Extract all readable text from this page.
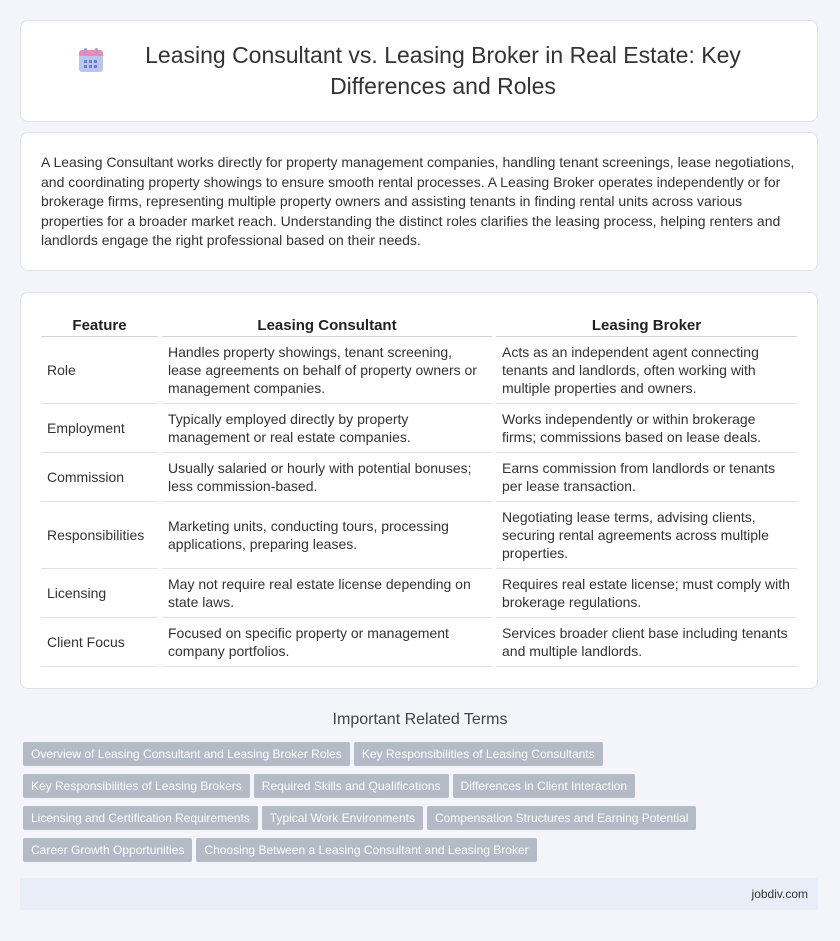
Leasing Consultant vs. Leasing Broker in Real Estate: Key Differences and Roles

A Leasing Consultant works directly for property management companies, handling tenant screenings, lease negotiations, and coordinating property showings to ensure smooth rental processes. A Leasing Broker operates independently or for brokerage firms, representing multiple property owners and assisting tenants in finding rental units across various properties for a broader market reach. Understanding the distinct roles clarifies the leasing process, helping renters and landlords engage the right professional based on their needs.

Feature	Leasing Consultant	Leasing Broker
Role	Handles property showings, tenant screening, lease agreements on behalf of property owners or management companies.	Acts as an independent agent connecting tenants and landlords, often working with multiple properties and owners.
Employment	Typically employed directly by property management or real estate companies.	Works independently or within brokerage firms; commissions based on lease deals.
Commission	Usually salaried or hourly with potential bonuses; less commission-based.	Earns commission from landlords or tenants per lease transaction.
Responsibilities	Marketing units, conducting tours, processing applications, preparing leases.	Negotiating lease terms, advising clients, securing rental agreements across multiple properties.
Licensing	May not require real estate license depending on state laws.	Requires real estate license; must comply with brokerage regulations.
Client Focus	Focused on specific property or management company portfolios.	Services broader client base including tenants and multiple landlords.
Important Related Terms
Overview of Leasing Consultant and Leasing Broker Roles Key Responsibilities of Leasing Consultants
Key Responsibilities of Leasing Brokers Required Skills and Qualifications Differences in Client Interaction
Licensing and Certification Requirements Typical Work Environments Compensation Structures and Earning Potential
Career Growth Opportunities Choosing Between a Leasing Consultant and Leasing Broker
jobdiv.com
